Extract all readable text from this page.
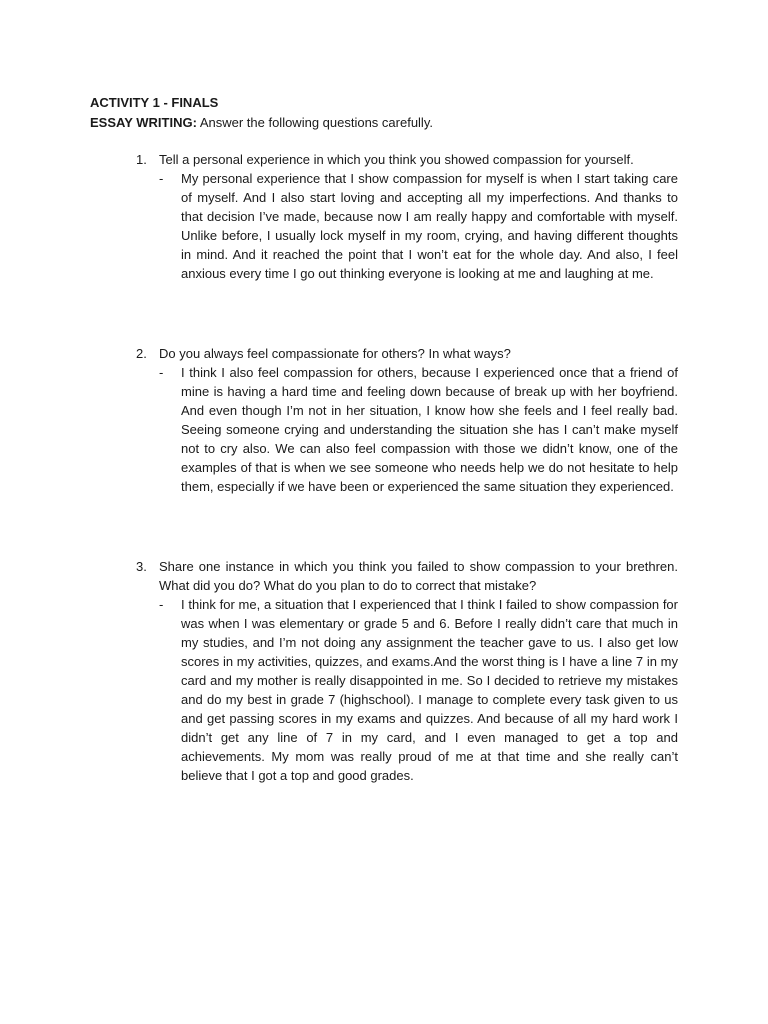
ACTIVITY 1 - FINALS
ESSAY WRITING: Answer the following questions carefully.
1. Tell a personal experience in which you think you showed compassion for yourself.
-	My personal experience that I show compassion for myself is when I start taking care of myself. And I also start loving and accepting all my imperfections. And thanks to that decision I’ve made, because now I am really happy and comfortable with myself. Unlike before, I usually lock myself in my room, crying, and having different thoughts in mind. And it reached the point that I won’t eat for the whole day. And also, I feel anxious every time I go out thinking everyone is looking at me and laughing at me.
2. Do you always feel compassionate for others? In what ways?
-	I think I also feel compassion for others, because I experienced once that a friend of mine is having a hard time and feeling down because of break up with her boyfriend. And even though I’m not in her situation, I know how she feels and I feel really bad. Seeing someone crying and understanding the situation she has I can’t make myself not to cry also. We can also feel compassion with those we didn’t know, one of the examples of that is when we see someone who needs help we do not hesitate to help them, especially if we have been or experienced the same situation they experienced.
3. Share one instance in which you think you failed to show compassion to your brethren. What did you do? What do you plan to do to correct that mistake?
-	I think for me, a situation that I experienced that I think I failed to show compassion for was when I was elementary or grade 5 and 6. Before I really didn’t care that much in my studies, and I’m not doing any assignment the teacher gave to us. I also get low scores in my activities, quizzes, and exams.And the worst thing is I have a line 7 in my card and my mother is really disappointed in me. So I decided to retrieve my mistakes and do my best in grade 7 (highschool). I manage to complete every task given to us and get passing scores in my exams and quizzes. And because of all my hard work I didn’t get any line of 7 in my card, and I even managed to get a top and achievements. My mom was really proud of me at that time and she really can’t believe that I got a top and good grades.
